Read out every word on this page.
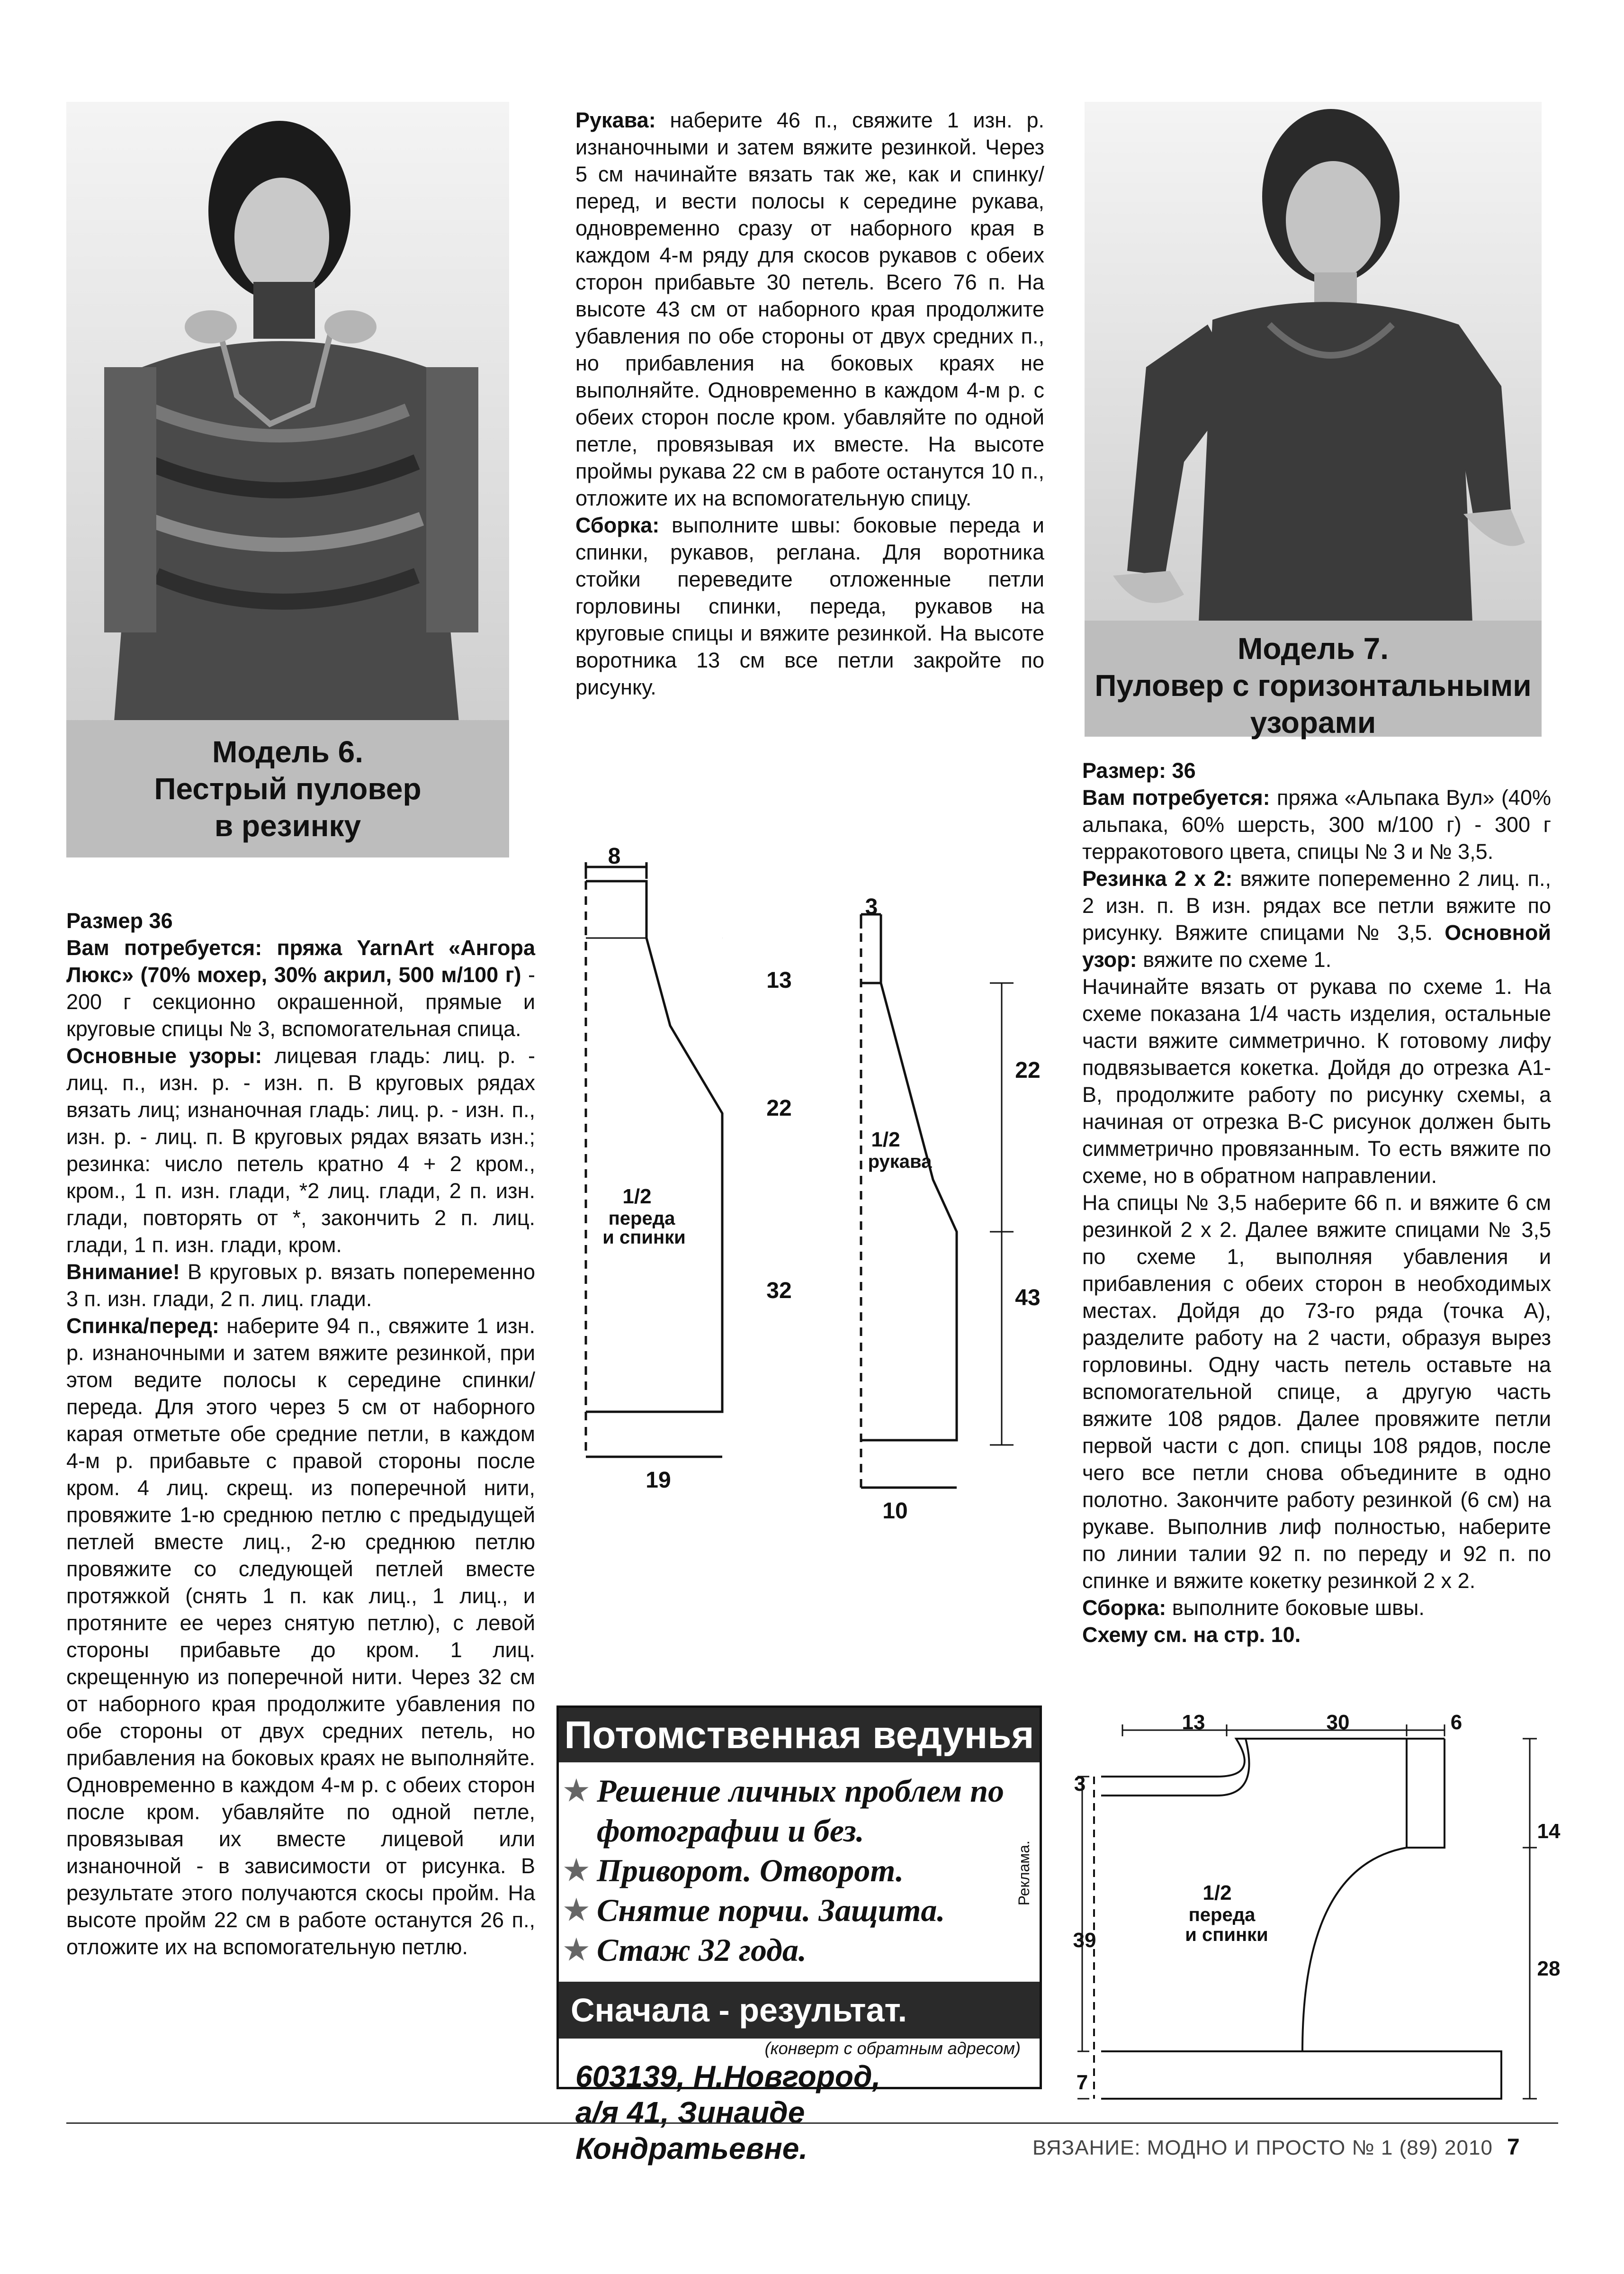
Модель 6.
Пестрый пуловер
в резинку

Размер 36

Вам потребуется: пряжа YarnArt «Ангора Люкс» (70% мохер, 30% акрил, 500 м/100 г) - 200 г секционно окрашенной, прямые и круговые спицы № 3, вспомогательная спица.

Основные узоры: лицевая гладь: лиц. р. - лиц. п., изн. р. - изн. п. В круговых рядах вязать лиц; изнаночная гладь: лиц. р. - изн. п., изн. р. - лиц. п. В круговых рядах вязать изн.; резинка: число петель кратно 4 + 2 кром., кром., 1 п. изн. глади, *2 лиц. глади, 2 п. изн. глади, повторять от *, закончить 2 п. лиц. глади, 1 п. изн. глади, кром.

Внимание! В круговых р. вязать попеременно 3 п. изн. глади, 2 п. лиц. глади.

Спинка/перед: наберите 94 п., свяжите 1 изн. р. изнаночными и затем вяжите резинкой, при этом ведите полосы к середине спинки/переда. Для этого через 5 см от наборного карая отметьте обе средние петли, в каждом 4-м р. прибавьте с правой стороны после кром. 4 лиц. скрещ. из поперечной нити, провяжите 1-ю среднюю петлю с предыдущей петлей вместе лиц., 2-ю среднюю петлю провяжите со следующей петлей вместе протяжкой (снять 1 п. как лиц., 1 лиц., и протяните ее через снятую петлю), с левой стороны прибавьте до кром. 1 лиц. скрещенную из поперечной нити. Через 32 см от наборного края продолжите убавления по обе стороны от двух средних петель, но прибавления на боковых краях не выполняйте. Одновременно в каждом 4-м р. с обеих сторон после кром. убавляйте по одной петле, провязывая их вместе лицевой или изнаночной - в зависимости от рисунка. В результате этого получаются скосы пройм. На высоте пройм 22 см в работе останутся 26 п., отложите их на вспомогательную петлю.

Рукава: наберите 46 п., свяжите 1 изн. р. изнаночными и затем вяжите резинкой. Через 5 см начинайте вязать так же, как и спинку/перед, и вести полосы к середине рукава, одновременно сразу от наборного края в каждом 4-м ряду для скосов рукавов с обеих сторон прибавьте 30 петель. Всего 76 п. На высоте 43 см от наборного края продолжите убавления по обе стороны от двух средних п., но прибавления на боковых краях не выполняйте. Одновременно в каждом 4-м р. с обеих сторон после кром. убавляйте по одной петле, провязывая их вместе. На высоте проймы рукава 22 см в работе останутся 10 п., отложите их на вспомогательную спицу.

Сборка: выполните швы: боковые переда и спинки, рукавов, реглана. Для воротника стойки переведите отложенные петли горловины спинки, переда, рукавов на круговые спицы и вяжите резинкой. На высоте воротника 13 см все петли закройте по рисунку.

Модель 7.
Пуловер с горизонтальными
узорами

Размер: 36

Вам потребуется: пряжа «Альпака Вул» (40% альпака, 60% шерсть, 300 м/100 г) - 300 г терракотового цвета, спицы № 3 и № 3,5.

Резинка 2 х 2: вяжите попеременно 2 лиц. п., 2 изн. п. В изн. рядах все петли вяжите по рисунку. Вяжите спицами № 3,5. Основной узор: вяжите по схеме 1.

Начинайте вязать от рукава по схеме 1. На схеме показана 1/4 часть изделия, остальные части вяжите симметрично. К готовому лифу подвязывается кокетка. Дойдя до отрезка А1-В, продолжите работу по рисунку схемы, а начиная от отрезка В-С рисунок должен быть симметрично провязанным. То есть вяжите по схеме, но в обратном направлении.

На спицы № 3,5 наберите 66 п. и вяжите 6 см резинкой 2 х 2. Далее вяжите спицами № 3,5 по схеме 1, выполняя убавления и прибавления с обеих сторон в необходимых местах. Дойдя до 73-го ряда (точка А), разделите работу на 2 части, образуя вырез горловины. Одну часть петель оставьте на вспомогательной спице, а другую часть вяжите 108 рядов. Далее провяжите петли первой части с доп. спицы 108 рядов, после чего все петли снова объедините в одно полотно. Закончите работу резинкой (6 см) на рукаве. Выполнив лиф полностью, наберите по линии талии 92 п. по переду и 92 п. по спинке и вяжите кокетку резинкой 2 х 2.

Сборка: выполните боковые швы.

Схему см. на стр. 10.

8
13
22
32
19
1/2
переда
и спинки
3
22
43
10
1/2
рукава
Потомственная ведунья
★ Решение личных проблем по фотографии и без.
★ Приворот. Отворот.
★ Снятие порчи. Защита.
★ Стаж 32 года.
Сначала - результат.
(конверт с обратным адресом)
603139, Н.Новгород,
а/я 41, Зинаиде Кондратьевне.
Реклама.
13	30	6
3
39
7
14
28
1/2
переда
и спинки
ВЯЗАНИЕ: МОДНО И ПРОСТО № 1 (89) 2010 7
